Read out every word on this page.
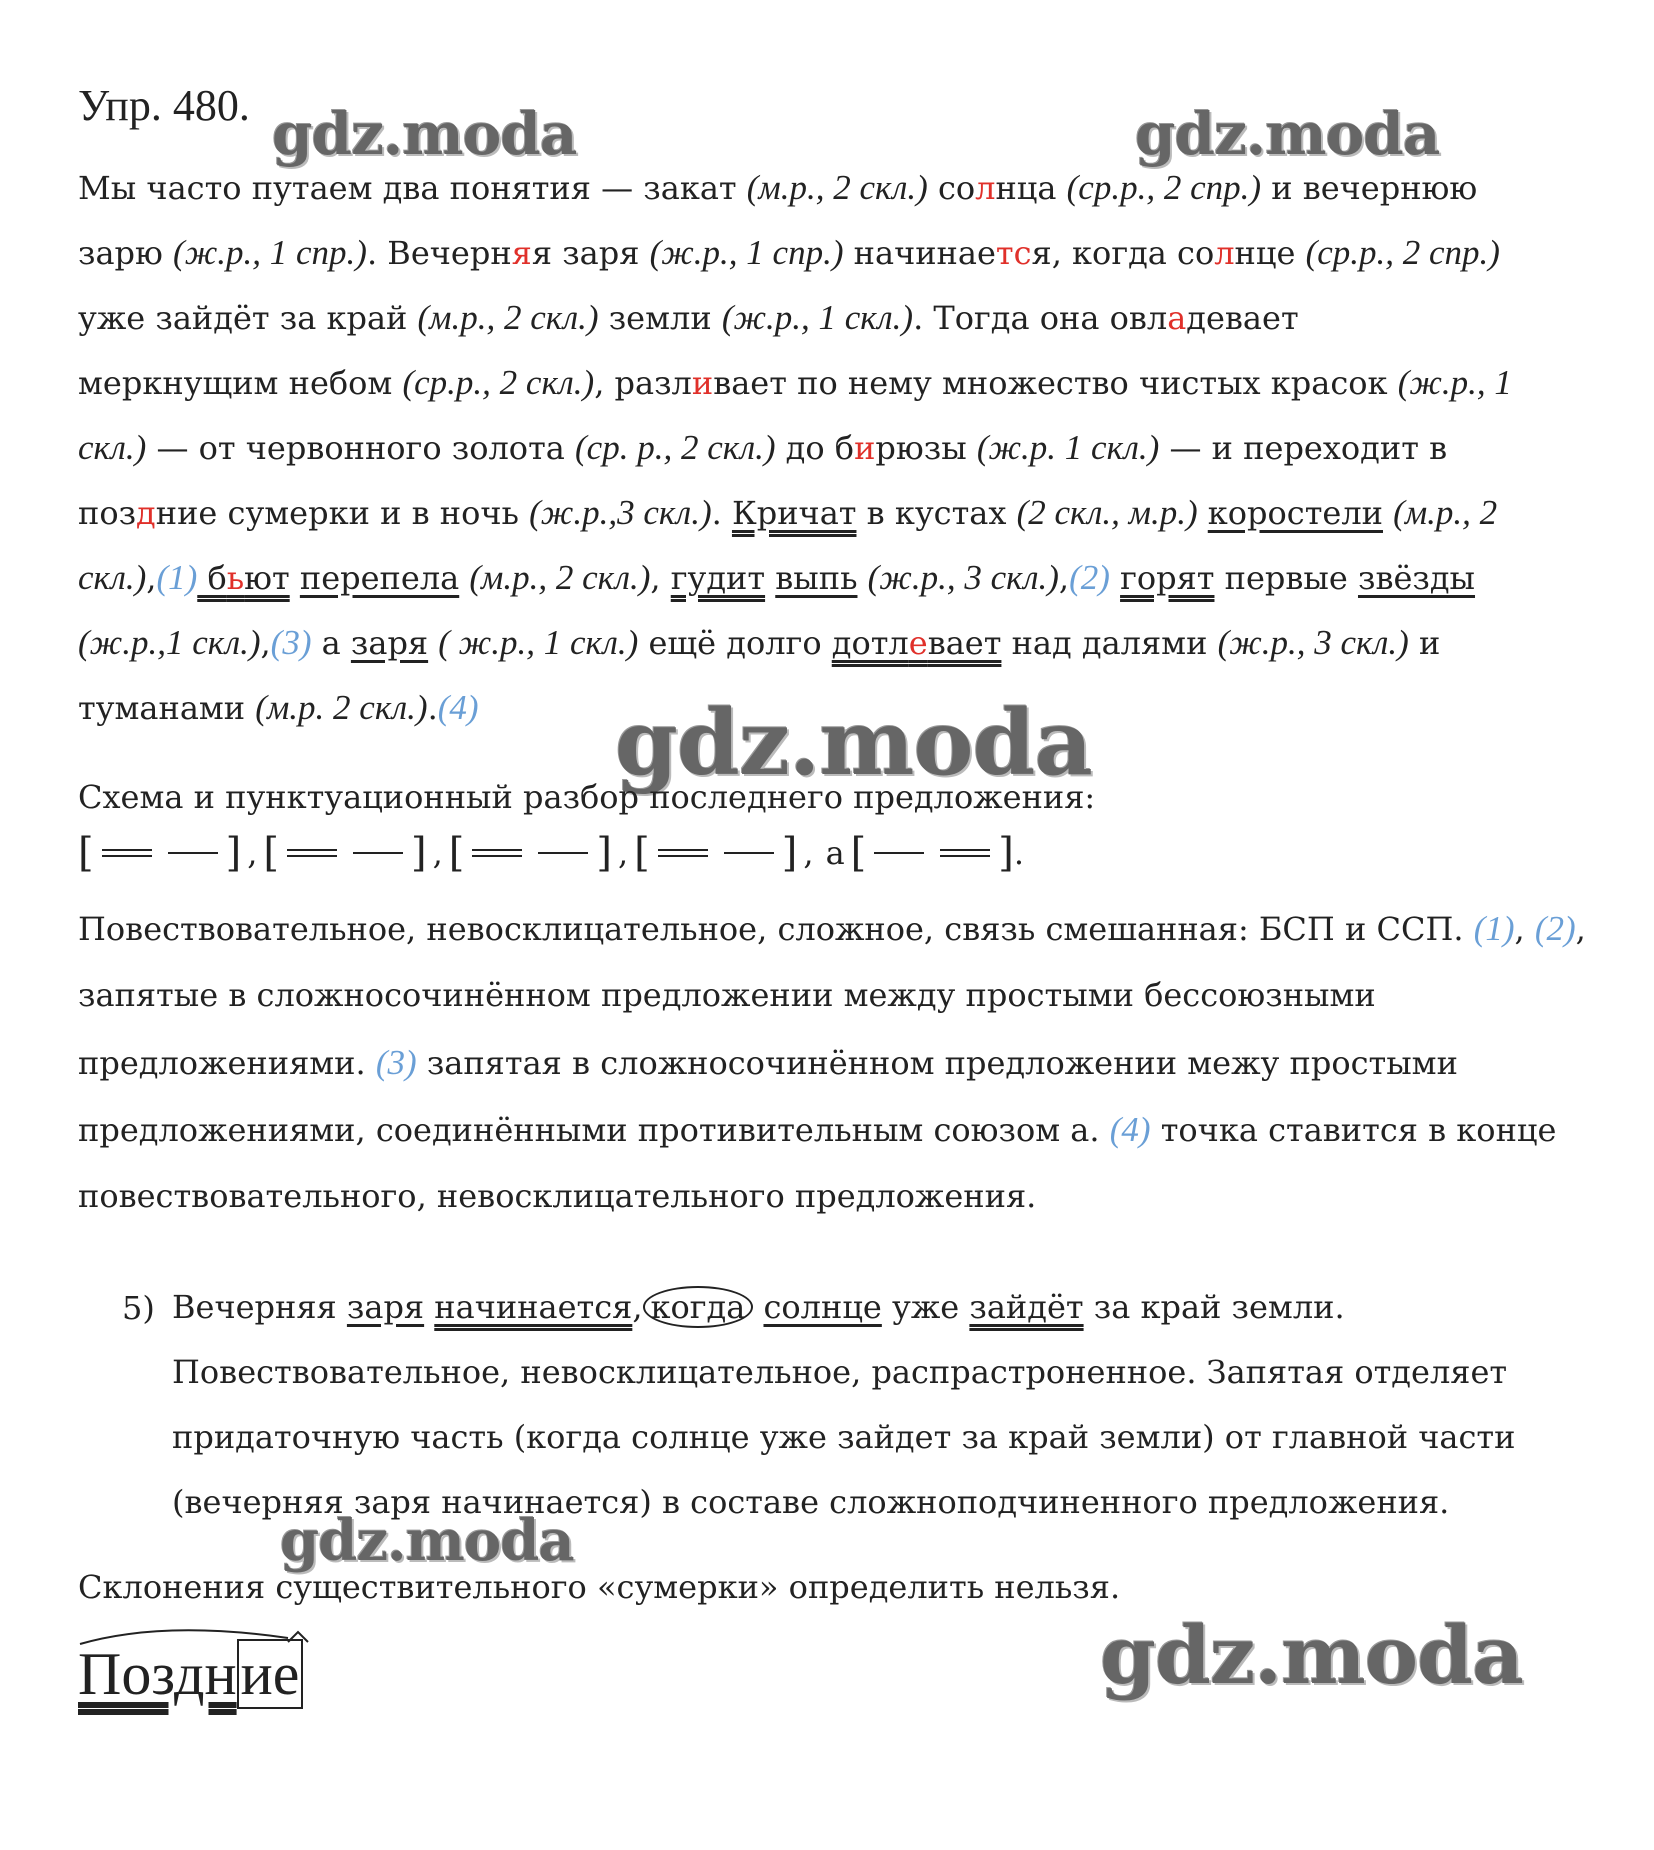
Упр. 480. gdz.moda	gdz.moda
gdz.moda
gdz.moda
gdz.moda
Мы часто путаем два понятия — закат (м.р., 2 скл.) солнца (ср.р., 2 спр.) и вечернюю
зарю (ж.р., 1 спр.). Вечерняя заря (ж.р., 1 спр.) начинается, когда солнце (ср.р., 2 спр.)
уже зайдёт за край (м.р., 2 скл.) земли (ж.р., 1 скл.). Тогда она овладевает
меркнущим небом (ср.р., 2 скл.), разливает по нему множество чистых красок (ж.р., 1
скл.) — от червонного золота (ср. р., 2 скл.) до бирюзы (ж.р. 1 скл.) — и переходит в
поздние сумерки и в ночь (ж.р.,3 скл.). Кричат в кустах (2 скл., м.р.) коростели (м.р., 2
скл.),(1) бьют перепела (м.р., 2 скл.), гудит выпь (ж.р., 3 скл.),(2) горят первые звёзды
(ж.р.,1 скл.),(3) а заря ( ж.р., 1 скл.) ещё долго дотлевает над далями (ж.р., 3 скл.) и
туманами (м.р. 2 скл.).(4)
Схема и пунктуационный разбор последнего предложения:
[	] , [	] , [	] , [	] , а [	] .
Повествовательное, невосклицательное, сложное, связь смешанная: БСП и ССП. (1), (2),
запятые в сложносочинённом предложении между простыми бессоюзными
предложениями. (3) запятая в сложносочинённом предложении межу простыми
предложениями, соединёнными противительным союзом а. (4) точка ставится в конце
повествовательного, невосклицательного предложения.
5) Вечерняя заря начинается, когда солнце уже зайдёт за край земли.
Повествовательное, невосклицательное, распрастроненное. Запятая отделяет
придаточную часть (когда солнце уже зайдет за край земли) от главной части
(вечерняя заря начинается) в составе сложноподчиненного предложения.
Склонения существительного «сумерки» определить нельзя.
Поздние
